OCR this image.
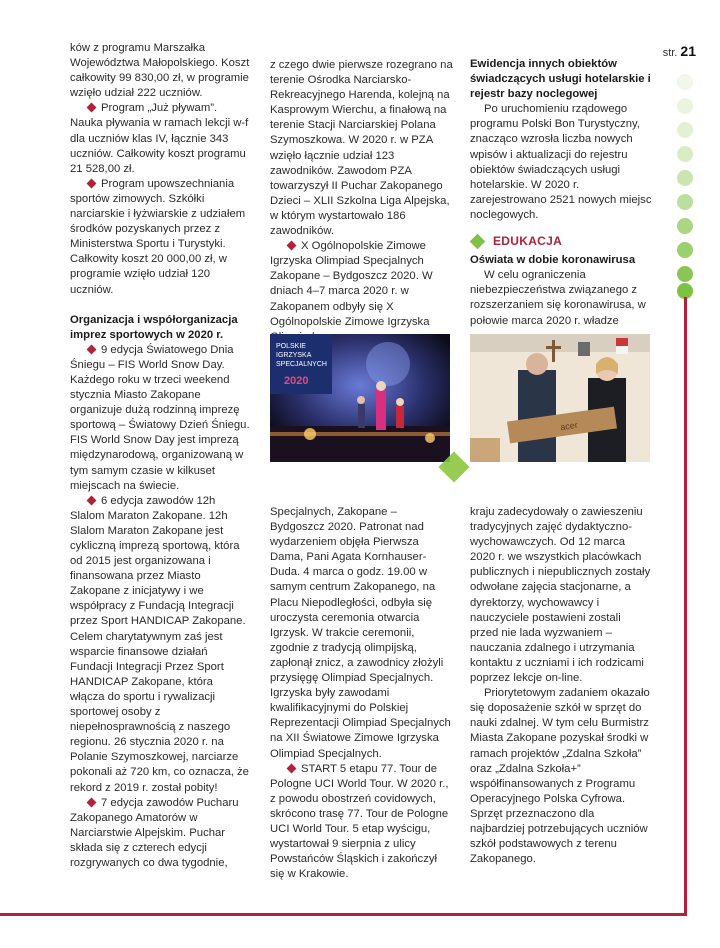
str. 21

ków z programu Marszałka Województwa Małopolskiego. Koszt całkowity 99 830,00 zł, w programie wzięło udział 222 uczniów.

Program „Już pływam”. Nauka pływania w ramach lekcji w-f dla uczniów klas IV, łącznie 343 uczniów. Całkowity koszt programu 21 528,00 zł.

Program upowszechniania sportów zimowych. Szkółki narciarskie i łyżwiarskie z udziałem środków pozyskanych przez z Ministerstwa Sportu i Turystyki. Całkowity koszt 20 000,00 zł, w programie wzięło udział 120 uczniów.

Organizacja i współorganizacja imprez sportowych w 2020 r.

9 edycja Światowego Dnia Śniegu – FIS World Snow Day. Każdego roku w trzeci weekend stycznia Miasto Zakopane organizuje dużą rodzinną imprezę sportową – Światowy Dzień Śniegu. FIS World Snow Day jest imprezą międzynarodową, organizowaną w tym samym czasie w kilkuset miejscach na świecie.

6 edycja zawodów 12h Slalom Maraton Zakopane. 12h Slalom Maraton Zakopane jest cykliczną imprezą sportową, która od 2015 jest organizowana i finansowana przez Miasto Zakopane z inicjatywy i we współpracy z Fundacją Integracji przez Sport HANDICAP Zakopane. Celem charytatywnym zaś jest wsparcie finansowe działań Fundacji Integracji Przez Sport HANDICAP Zakopane, która włącza do sportu i rywalizacji sportowej osoby z niepełnosprawnością z naszego regionu. 26 stycznia 2020 r. na Polanie Szymoszkowej, narciarze pokonali aż 720 km, co oznacza, że rekord z 2019 r. został pobity!

7 edycja zawodów Pucharu Zakopanego Amatorów w Narciarstwie Alpejskim. Puchar składa się z czterech edycji rozgrywanych co dwa tygodnie,

z czego dwie pierwsze rozegrano na terenie Ośrodka Narciarsko-Rekreacyjnego Harenda, kolejną na Kasprowym Wierchu, a finałową na terenie Stacji Narciarskiej Polana Szymoszkowa. W 2020 r. w PZA wzięło łącznie udział 123 zawodników. Zawodom PZA towarzyszył II Puchar Zakopanego Dzieci – XLII Szkolna Liga Alpejska, w którym wystartowało 186 zawodników.

X Ogólnopolskie Zimowe Igrzyska Olimpiad Specjalnych Zakopane – Bydgoszcz 2020. W dniach 4–7 marca 2020 r. w Zakopanem odbyły się X Ogólnopolskie Zimowe Igrzyska

POLSKIE
IGRZYSKA
SPECJALNYCH
2020
acer

Ewidencja innych obiektów świadczących usługi hotelarskie i rejestr bazy noclegowej

Po uruchomieniu rządowego programu Polski Bon Turystyczny, znacząco wzrosła liczba nowych wpisów i aktualizacji do rejestru obiektów świadczących usługi hotelarskie. W 2020 r. zarejestrowano 2521 nowych miejsc noclegowych.

EDUKACJA

Oświata w dobie koronawirusa

W celu ograniczenia niebezpieczeństwa związanego z rozszerzaniem się koronawirusa, w połowie marca 2020 r. władze

Specjalnych, Zakopane – Bydgoszcz 2020. Patronat nad wydarzeniem objęła Pierwsza Dama, Pani Agata Kornhauser-Duda. 4 marca o godz. 19.00 w samym centrum Zakopanego, na Placu Niepodległości, odbyła się uroczysta ceremonia otwarcia Igrzysk. W trakcie ceremonii, zgodnie z tradycją olimpijską, zapłonął znicz, a zawodnicy złożyli przysięgę Olimpiad Specjalnych. Igrzyska były zawodami kwalifikacyjnymi do Polskiej Reprezentacji Olimpiad Specjalnych na XII Światowe Zimowe Igrzyska Olimpiad Specjalnych.

START 5 etapu 77. Tour de Pologne UCI World Tour. W 2020 r., z powodu obostrzeń covidowych, skrócono trasę 77. Tour de Pologne UCI World Tour. 5 etap wyścigu, wystartował 9 sierpnia z ulicy Powstańców Śląskich i zakończył się w Krakowie.

kraju zadecydowały o zawieszeniu tradycyjnych zajęć dydaktyczno-wychowawczych. Od 12 marca 2020 r. we wszystkich placówkach publicznych i niepublicznych zostały odwołane zajęcia stacjonarne, a dyrektorzy, wychowawcy i nauczyciele postawieni zostali przed nie lada wyzwaniem – nauczania zdalnego i utrzymania kontaktu z uczniami i ich rodzicami poprzez lekcje on-line.

Priorytetowym zadaniem okazało się doposażenie szkół w sprzęt do nauki zdalnej. W tym celu Burmistrz Miasta Zakopane pozyskał środki w ramach projektów „Zdalna Szkoła” oraz „Zdalna Szkoła+” współfinansowanych z Programu Operacyjnego Polska Cyfrowa. Sprzęt przeznaczono dla najbardziej potrzebujących uczniów szkół podstawowych z terenu Zakopanego.
